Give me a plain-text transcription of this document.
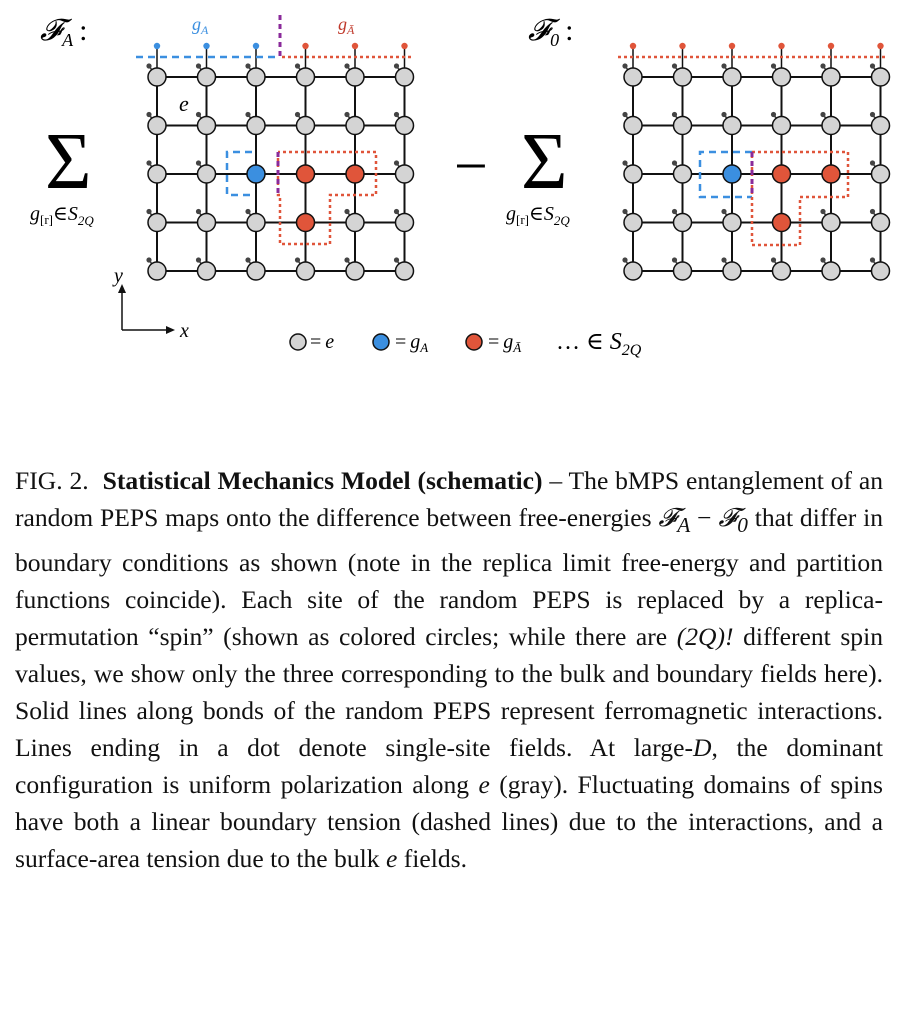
𝓕$_A$ :	𝓕$_0$ :
$g_A$	$g_Ā$
Σ
$g_{[r]}\in S_{2Q}$
− Σ
$g_{[r]}\in S_{2Q}$
e
y
x	= e	= $g_A$	= $g_Ā$ … ∈ $S_{2Q}$
FIG. 2. Statistical Mechanics Model (schematic) – The bMPS entanglement of an random PEPS maps onto the difference between free-energies 𝓕$_A$ − 𝓕$_0$ that differ in boundary conditions as shown (note in the replica limit free-energy and partition functions coincide). Each site of the random PEPS is replaced by a replica-permutation “spin” (shown as colored circles; while there are (2Q)! different spin values, we show only the three corresponding to the bulk and boundary fields here). Solid lines along bonds of the random PEPS represent ferromagnetic interactions. Lines ending in a dot denote single-site fields. At large-D, the dominant configuration is uniform polarization along e (gray). Fluctuating domains of spins have both a linear boundary tension (dashed lines) due to the interactions, and a surface-area tension due to the bulk e fields.
